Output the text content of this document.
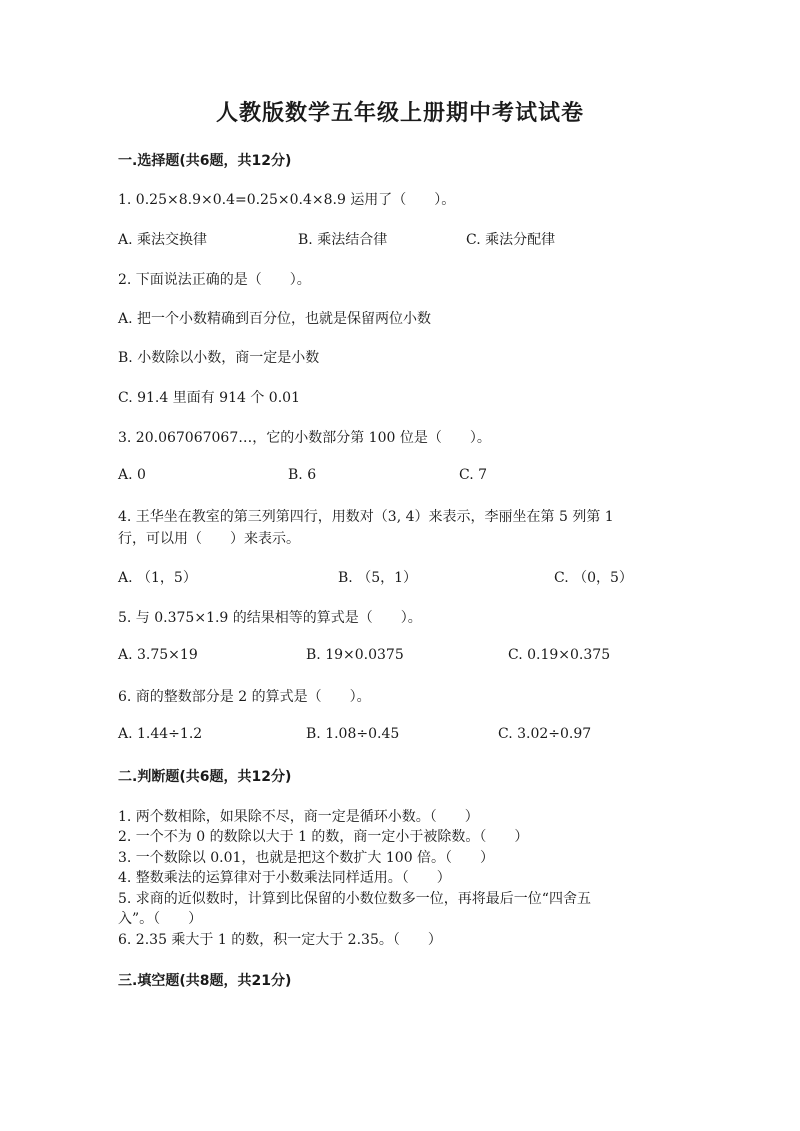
人教版数学五年级上册期中考试试卷
一.选择题(共6题，共12分)
1. 0.25×8.9×0.4=0.25×0.4×8.9 运用了（　　）。
A. 乘法交换律	B. 乘法结合律	C. 乘法分配律
2. 下面说法正确的是（　　）。
A. 把一个小数精确到百分位，也就是保留两位小数
B. 小数除以小数，商一定是小数
C. 91.4 里面有 914 个 0.01
3. 20.067067067…，它的小数部分第 100 位是（　　）。
A. 0	B. 6	C. 7
4. 王华坐在教室的第三列第四行，用数对（3, 4）来表示，李丽坐在第 5 列第 1
行，可以用（　　）来表示。
A. （1，5）	B. （5，1）	C. （0，5）
5. 与 0.375×1.9 的结果相等的算式是（　　）。
A. 3.75×19	B. 19×0.0375	C. 0.19×0.375
6. 商的整数部分是 2 的算式是（　　）。
A. 1.44÷1.2	B. 1.08÷0.45	C. 3.02÷0.97
二.判断题(共6题，共12分)
1. 两个数相除，如果除不尽，商一定是循环小数。（　　）
2. 一个不为 0 的数除以大于 1 的数，商一定小于被除数。（　　）
3. 一个数除以 0.01，也就是把这个数扩大 100 倍。（　　）
4. 整数乘法的运算律对于小数乘法同样适用。（　　）
5. 求商的近似数时，计算到比保留的小数位数多一位，再将最后一位“四舍五
入”。（　　）
6. 2.35 乘大于 1 的数，积一定大于 2.35。（　　）
三.填空题(共8题，共21分)
